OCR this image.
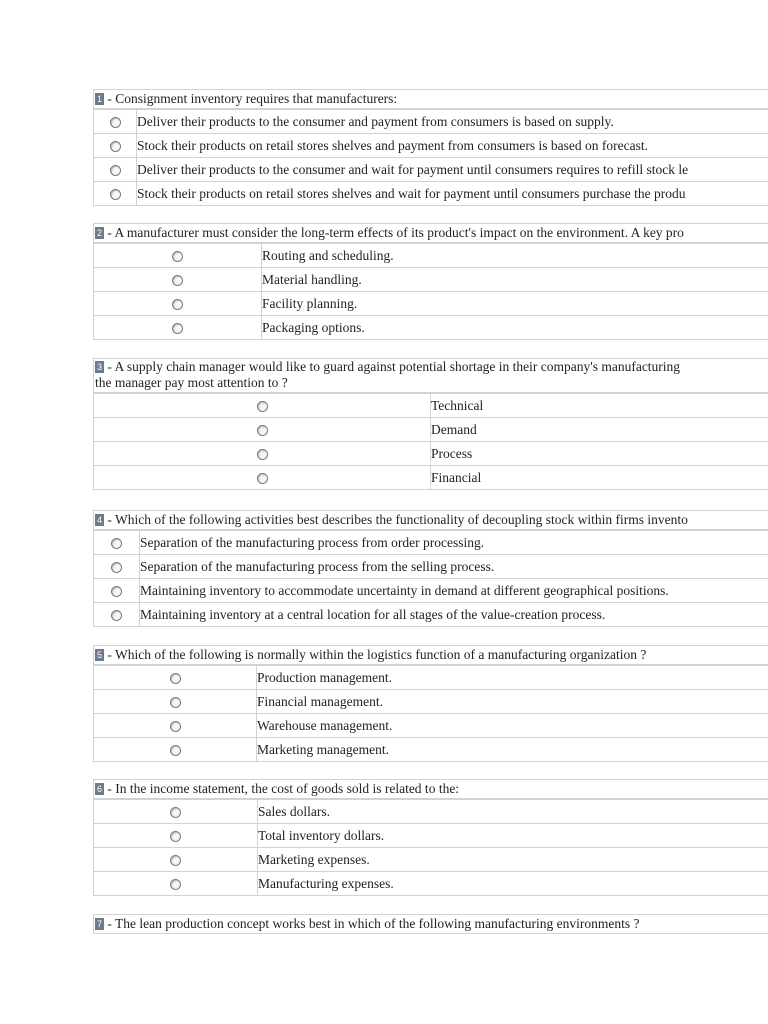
1 - Consignment inventory requires that manufacturers:
	Deliver their products to the consumer and payment from consumers is based on supply.
	Stock their products on retail stores shelves and payment from consumers is based on forecast.
	Deliver their products to the consumer and wait for payment until consumers requires to refill stock le
	Stock their products on retail stores shelves and wait for payment until consumers purchase the produ
2 - A manufacturer must consider the long-term effects of its product's impact on the environment. A key pro
	Routing and scheduling.
	Material handling.
	Facility planning.
	Packaging options.
3 - A supply chain manager would like to guard against potential shortage in their company's manufacturing
the manager pay most attention to ?
	Technical
	Demand
	Process
	Financial
4 - Which of the following activities best describes the functionality of decoupling stock within firms invento
	Separation of the manufacturing process from order processing.
	Separation of the manufacturing process from the selling process.
	Maintaining inventory to accommodate uncertainty in demand at different geographical positions.
	Maintaining inventory at a central location for all stages of the value-creation process.
5 - Which of the following is normally within the logistics function of a manufacturing organization ?
	Production management.
	Financial management.
	Warehouse management.
	Marketing management.
6 - In the income statement, the cost of goods sold is related to the:
	Sales dollars.
	Total inventory dollars.
	Marketing expenses.
	Manufacturing expenses.
7 - The lean production concept works best in which of the following manufacturing environments ?
